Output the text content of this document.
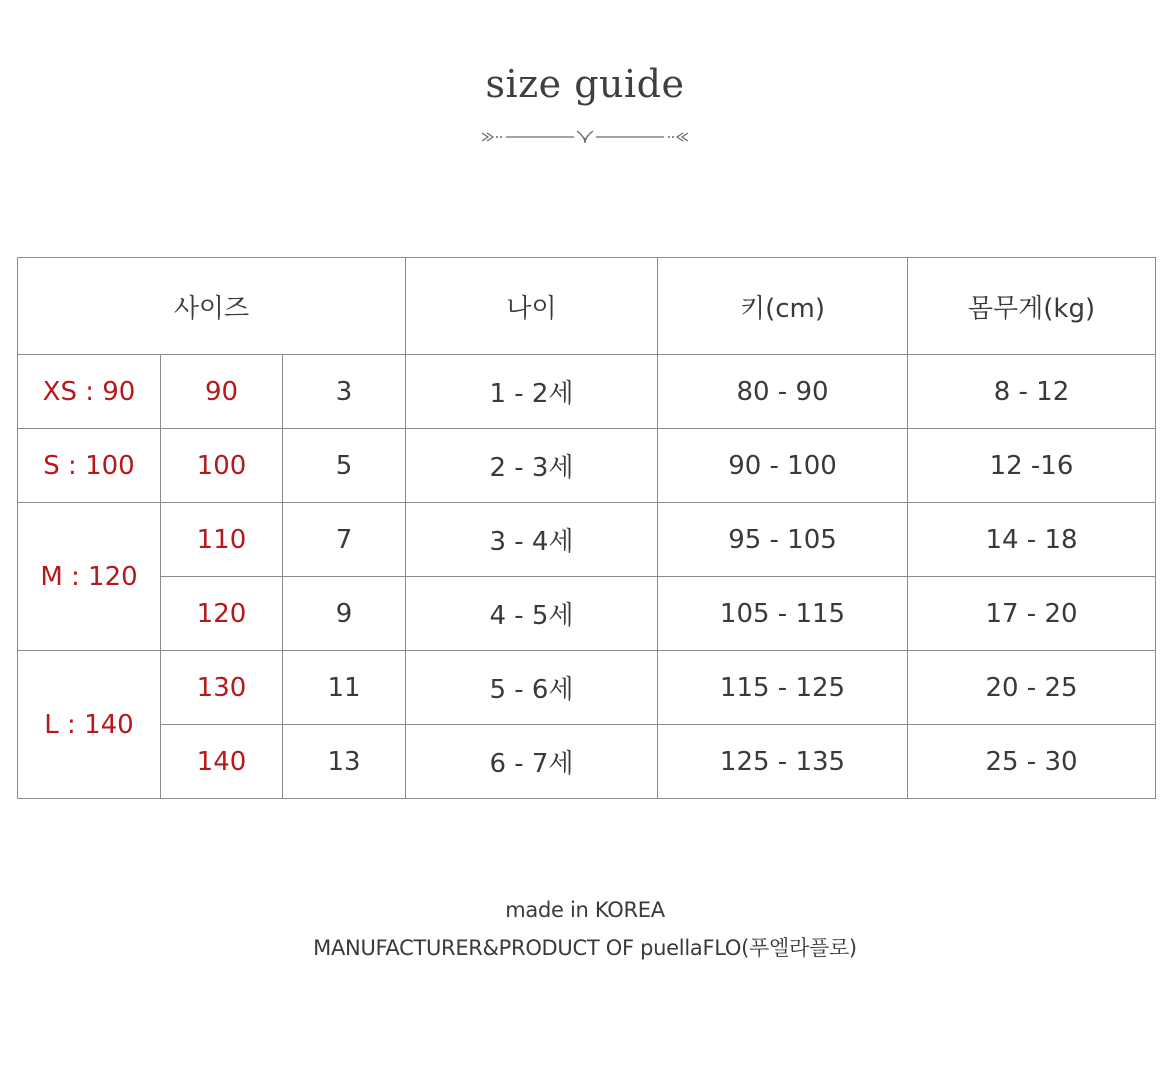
size guide
사이즈			나이	키(cm)	몸무게(kg)
XS : 90	90	3	1 - 2세	80 - 90	8 - 12
S : 100	100	5	2 - 3세	90 - 100	12 -16
M : 120	110	7	3 - 4세	95 - 105	14 - 18
	120	9	4 - 5세	105 - 115	17 - 20
L : 140	130	11	5 - 6세	115 - 125	20 - 25
	140	13	6 - 7세	125 - 135	25 - 30
made in KOREA
MANUFACTURER&PRODUCT OF puellaFLO(푸엘라플로)
